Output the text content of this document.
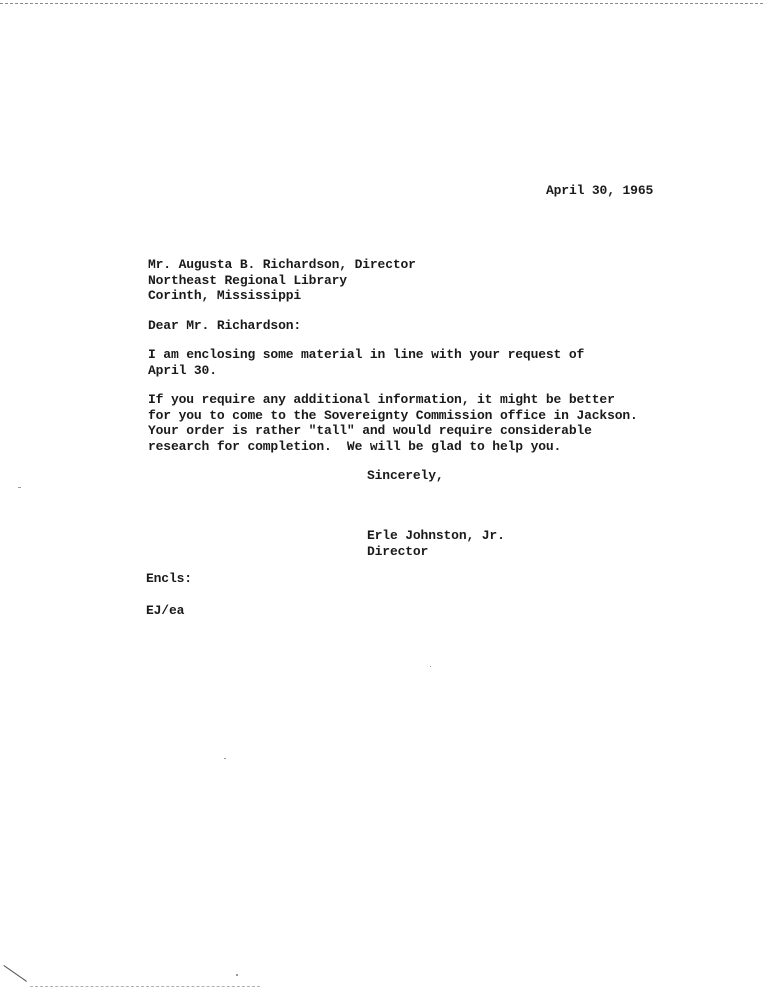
April 30, 1965
Mr. Augusta B. Richardson, Director
Northeast Regional Library
Corinth, Mississippi
Dear Mr. Richardson:
I am enclosing some material in line with your request of
April 30.
If you require any additional information, it might be better
for you to come to the Sovereignty Commission office in Jackson.
Your order is rather "tall" and would require considerable
research for completion.  We will be glad to help you.
Sincerely,
Erle Johnston, Jr.
Director
Encls:
EJ/ea
